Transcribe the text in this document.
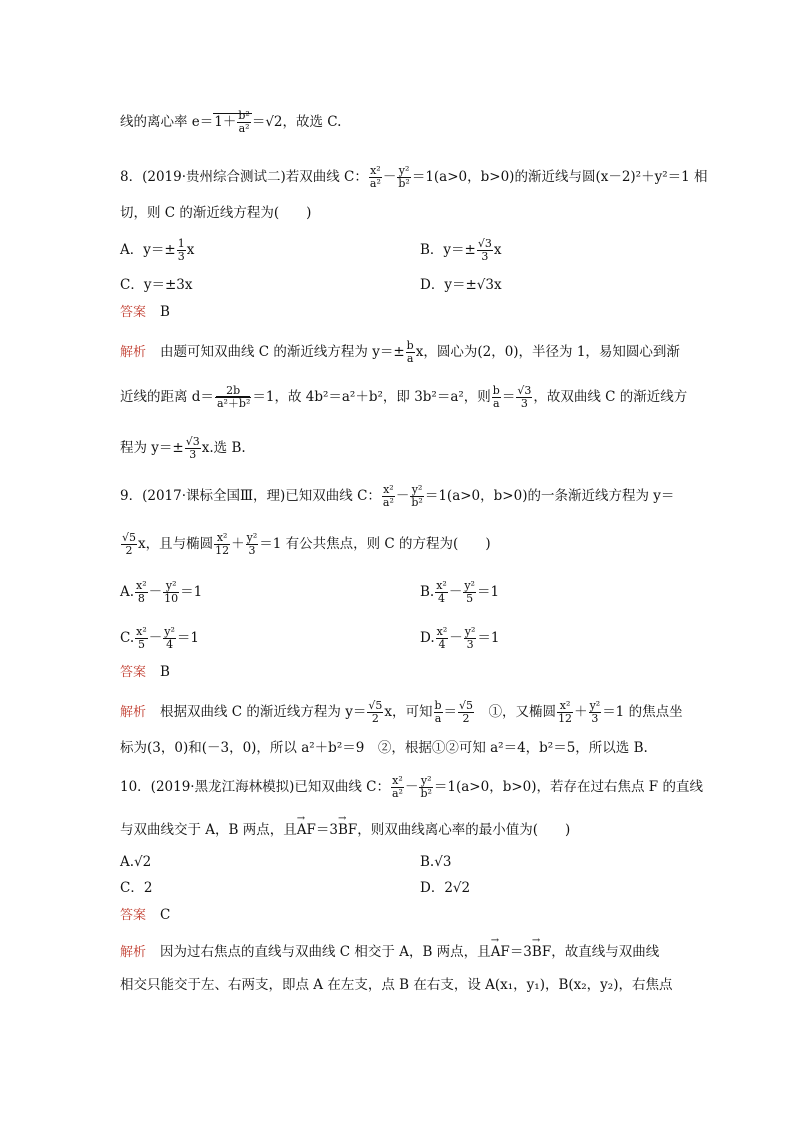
线的离心率 $e=1+ \frac{\text{b²}}{\text{a²}} =√2$，故选 C.
8．(2019·贵州综合测试二)若双曲线 C： $\frac{\text{x²}}{\text{a²}} - \frac{\text{y²}}{\text{b²}} =1(a>0$，b>0)的渐近线与圆(x－2)²＋y²＝1 相
切，则 C 的渐近线方程为(　　)
A．$y=\pm \frac{1}{3}$ x	B．$y=\pm \frac{√3}{3}$ x
C．y＝±3x	D．y＝±√3x
答案 B
解析 由题可知双曲线 C 的渐近线方程为 $y=\pm \frac{b}{a}$ x，圆心为(2，0)，半径为 1，易知圆心到渐
近线的距离 $d= \frac{2b}{\text{a²＋b²}} =1$，故 4b²＝a²＋b²，即 3b²＝a²，则 $\frac{b}{a} = \frac{√3}{3}$ ，故双曲线 C 的渐近线方
程为 $y=\pm \frac{√3}{3} x$.选 B.
9．(2017·课标全国Ⅲ，理)已知双曲线 C： $\frac{\text{x²}}{\text{a²}} - \frac{\text{y²}}{\text{b²}} =1(a>0$，b>0)的一条渐近线方程为 y＝
$\frac{√5}{2}$ x，且与椭圆 $\frac{\text{x²}}{12} + \frac{\text{y²}}{3} =1$ 有公共焦点，则 C 的方程为(　　)
A. $\frac{\text{x²}}{8} - \frac{\text{y²}}{10} =1$	B. $\frac{\text{x²}}{4} - \frac{\text{y²}}{5} =1$
C. $\frac{\text{x²}}{5} - \frac{\text{y²}}{4} =1$	D. $\frac{\text{x²}}{4} - \frac{\text{y²}}{3} =1$
答案 B
解析 根据双曲线 C 的渐近线方程为 $y= \frac{√5}{2}$ x，可知 $\frac{b}{a} = \frac{√5}{2}$
　 ①，又椭圆 $\frac{\text{x²}}{12} + \frac{\text{y²}}{3} =1$ 的焦点坐
标为(3，0)和(－3，0)，所以 a²＋b²＝9　②，根据①②可知 a²＝4，b²＝5，所以选 B.
10．(2019·黑龙江海林模拟)已知双曲线 C： $\frac{\text{x²}}{\text{a²}} - \frac{\text{y²}}{\text{b²}} =1(a>0$，b>0)，若存在过右焦点 F 的直线
与双曲线交于 A，B 两点，且→ AF＝3→ BF，则双曲线离心率的最小值为(　　)
A.√2	B.√3
C．2	D．2√2
答案 C
解析 因为过右焦点的直线与双曲线 C 相交于 A，B 两点，且→ AF＝3→ BF，故直线与双曲线
相交只能交于左、右两支，即点 A 在左支，点 B 在右支，设 A(x₁，y₁)，B(x₂，y₂)，右焦点
